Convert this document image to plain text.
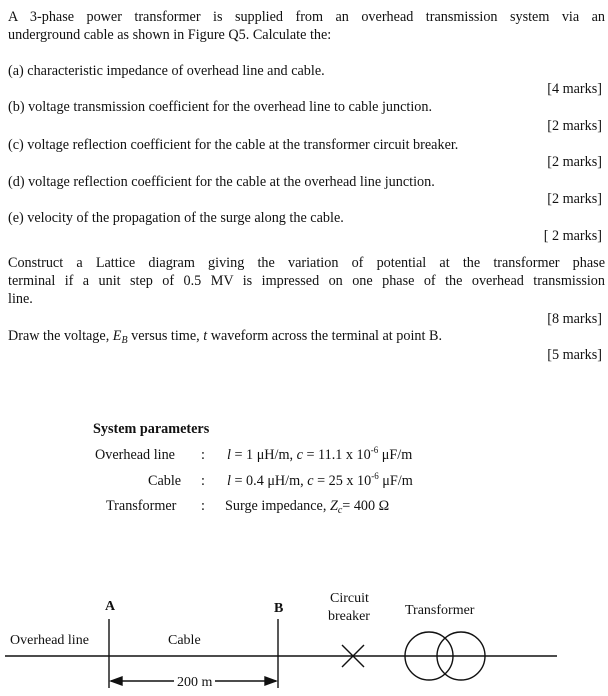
A 3-phase power transformer is supplied from an overhead transmission system via an
underground cable as shown in Figure Q5. Calculate the:
(a) characteristic impedance of overhead line and cable.
[4 marks]
(b) voltage transmission coefficient for the overhead line to cable junction.
[2 marks]
(c) voltage reflection coefficient for the cable at the transformer circuit breaker.
[2 marks]
(d) voltage reflection coefficient for the cable at the overhead line junction.
[2 marks]
(e) velocity of the propagation of the surge along the cable.
[ 2 marks]
Construct a Lattice diagram giving the variation of potential at the transformer phase
terminal if a unit step of 0.5 MV is impressed on one phase of the overhead transmission
line.
[8 marks]
Draw the voltage, $E_B$ versus time, t waveform across the terminal at point B.
[5 marks]
System parameters
Overhead line : l = 1 μH/m, c = 11.1 x $10^{-6}$ μF/m
Cable : l = 0.4 μH/m, c = 25 x $10^{-6}$ μF/m
Transformer : Surge impedance, $Z_c= 400$ Ω
A	B
Overhead line	Cable
Circuit
breaker	Transformer
200 m
